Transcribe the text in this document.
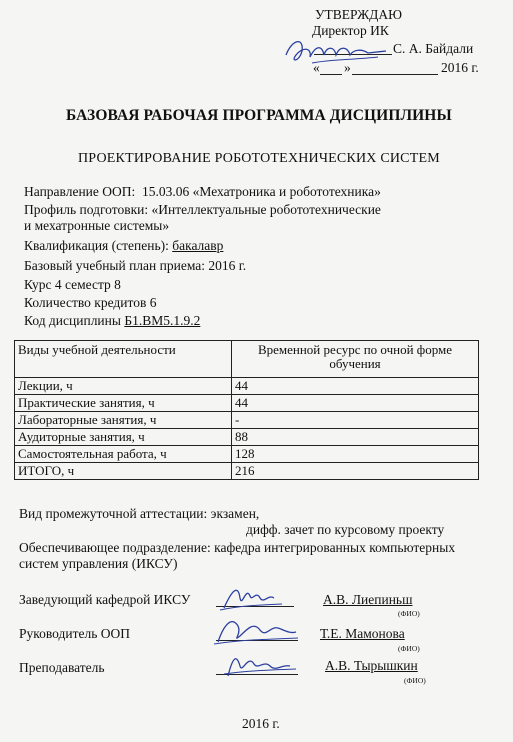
УТВЕРЖДАЮ
Директор ИК
С. А. Байдали
« »	2016 г.
БАЗОВАЯ РАБОЧАЯ ПРОГРАММА ДИСЦИПЛИНЫ
ПРОЕКТИРОВАНИЕ РОБОТОТЕХНИЧЕСКИХ СИСТЕМ
Направление ООП: 15.03.06 «Мехатроника и робототехника»
Профиль подготовки: «Интеллектуальные робототехнические
и мехатронные системы»
Квалификация (степень): бакалавр
Базовый учебный план приема: 2016 г.
Курс 4 семестр 8
Количество кредитов 6
Код дисциплины Б1.ВМ5.1.9.2
Виды учебной деятельности	Временной ресурс по очной форме обучения
Лекции, ч	44
Практические занятия, ч	44
Лабораторные занятия, ч	-
Аудиторные занятия, ч	88
Самостоятельная работа, ч	128
ИТОГО, ч	216
Вид промежуточной аттестации: экзамен,
дифф. зачет по курсовому проекту
Обеспечивающее подразделение: кафедра интегрированных компьютерных
систем управления (ИКСУ)
Заведующий кафедрой ИКСУ	А.В. Лиепиньш
(ФИО)
Руководитель ООП	Т.Е. Мамонова
(ФИО)
Преподаватель	А.В. Тырышкин
(ФИО)
2016 г.
